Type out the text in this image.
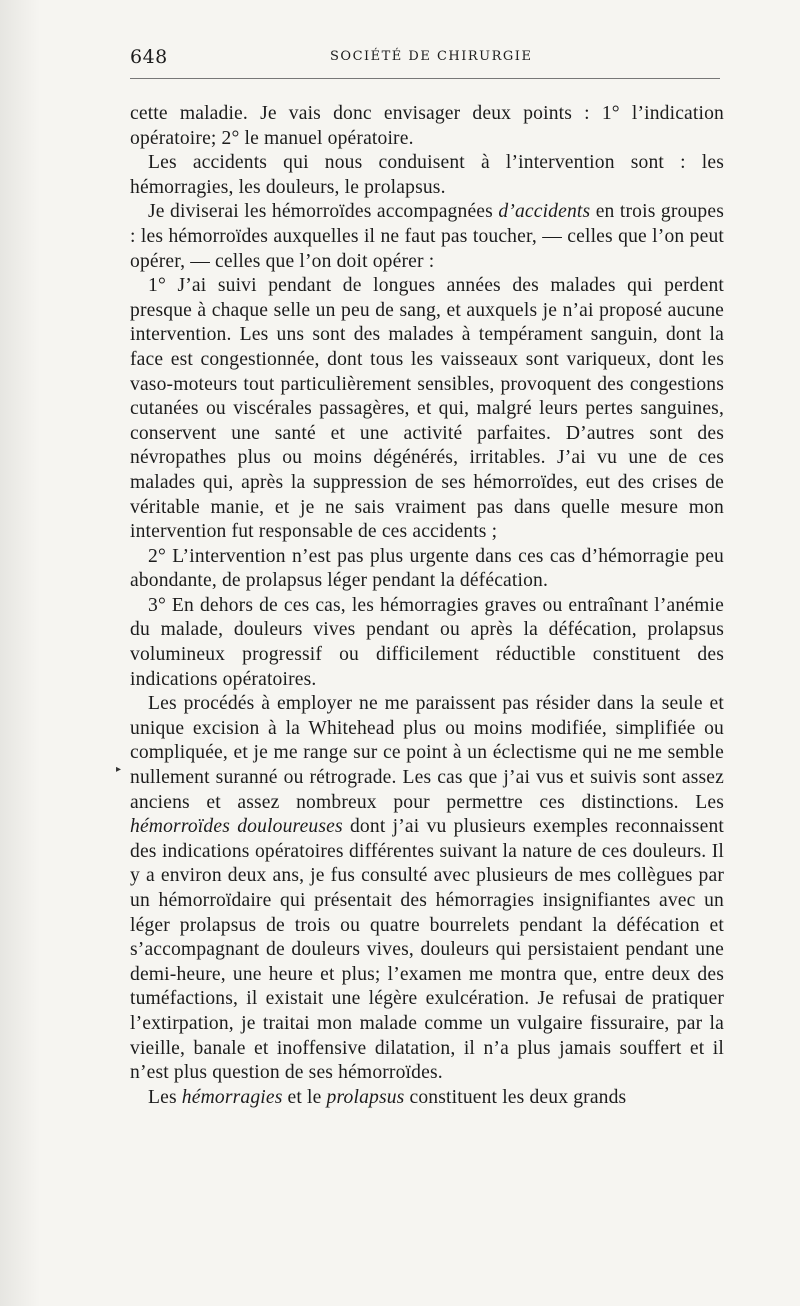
648	SOCIÉTÉ DE CHIRURGIE
▸

cette maladie. Je vais donc envisager deux points : 1° l’indication opératoire; 2° le manuel opératoire.

Les accidents qui nous conduisent à l’intervention sont : les hémorragies, les douleurs, le prolapsus.

Je diviserai les hémorroïdes accompagnées d’accidents en trois groupes : les hémorroïdes auxquelles il ne faut pas toucher, — celles que l’on peut opérer, — celles que l’on doit opérer :

1° J’ai suivi pendant de longues années des malades qui perdent presque à chaque selle un peu de sang, et auxquels je n’ai proposé aucune intervention. Les uns sont des malades à tempérament sanguin, dont la face est congestionnée, dont tous les vaisseaux sont variqueux, dont les vaso-moteurs tout particulièrement sensibles, provoquent des congestions cutanées ou viscérales passagères, et qui, malgré leurs pertes sanguines, conservent une santé et une activité parfaites. D’autres sont des névropathes plus ou moins dégénérés, irritables. J’ai vu une de ces malades qui, après la suppression de ses hémorroïdes, eut des crises de véritable manie, et je ne sais vraiment pas dans quelle mesure mon intervention fut responsable de ces accidents ;

2° L’intervention n’est pas plus urgente dans ces cas d’hémorragie peu abondante, de prolapsus léger pendant la défécation.

3° En dehors de ces cas, les hémorragies graves ou entraînant l’anémie du malade, douleurs vives pendant ou après la défécation, prolapsus volumineux progressif ou difficilement réductible constituent des indications opératoires.

Les procédés à employer ne me paraissent pas résider dans la seule et unique excision à la Whitehead plus ou moins modifiée, simplifiée ou compliquée, et je me range sur ce point à un éclectisme qui ne me semble nullement suranné ou rétrograde. Les cas que j’ai vus et suivis sont assez anciens et assez nombreux pour permettre ces distinctions. Les hémorroïdes douloureuses dont j’ai vu plusieurs exemples reconnaissent des indications opératoires différentes suivant la nature de ces douleurs. Il y a environ deux ans, je fus consulté avec plusieurs de mes collègues par un hémorroïdaire qui présentait des hémorragies insignifiantes avec un léger prolapsus de trois ou quatre bourrelets pendant la défécation et s’accompagnant de douleurs vives, douleurs qui persistaient pendant une demi-heure, une heure et plus; l’examen me montra que, entre deux des tuméfactions, il existait une légère exulcération. Je refusai de pratiquer l’extirpation, je traitai mon malade comme un vulgaire fissuraire, par la vieille, banale et inoffensive dilatation, il n’a plus jamais souffert et il n’est plus question de ses hémorroïdes.

Les hémorragies et le prolapsus constituent les deux grands
